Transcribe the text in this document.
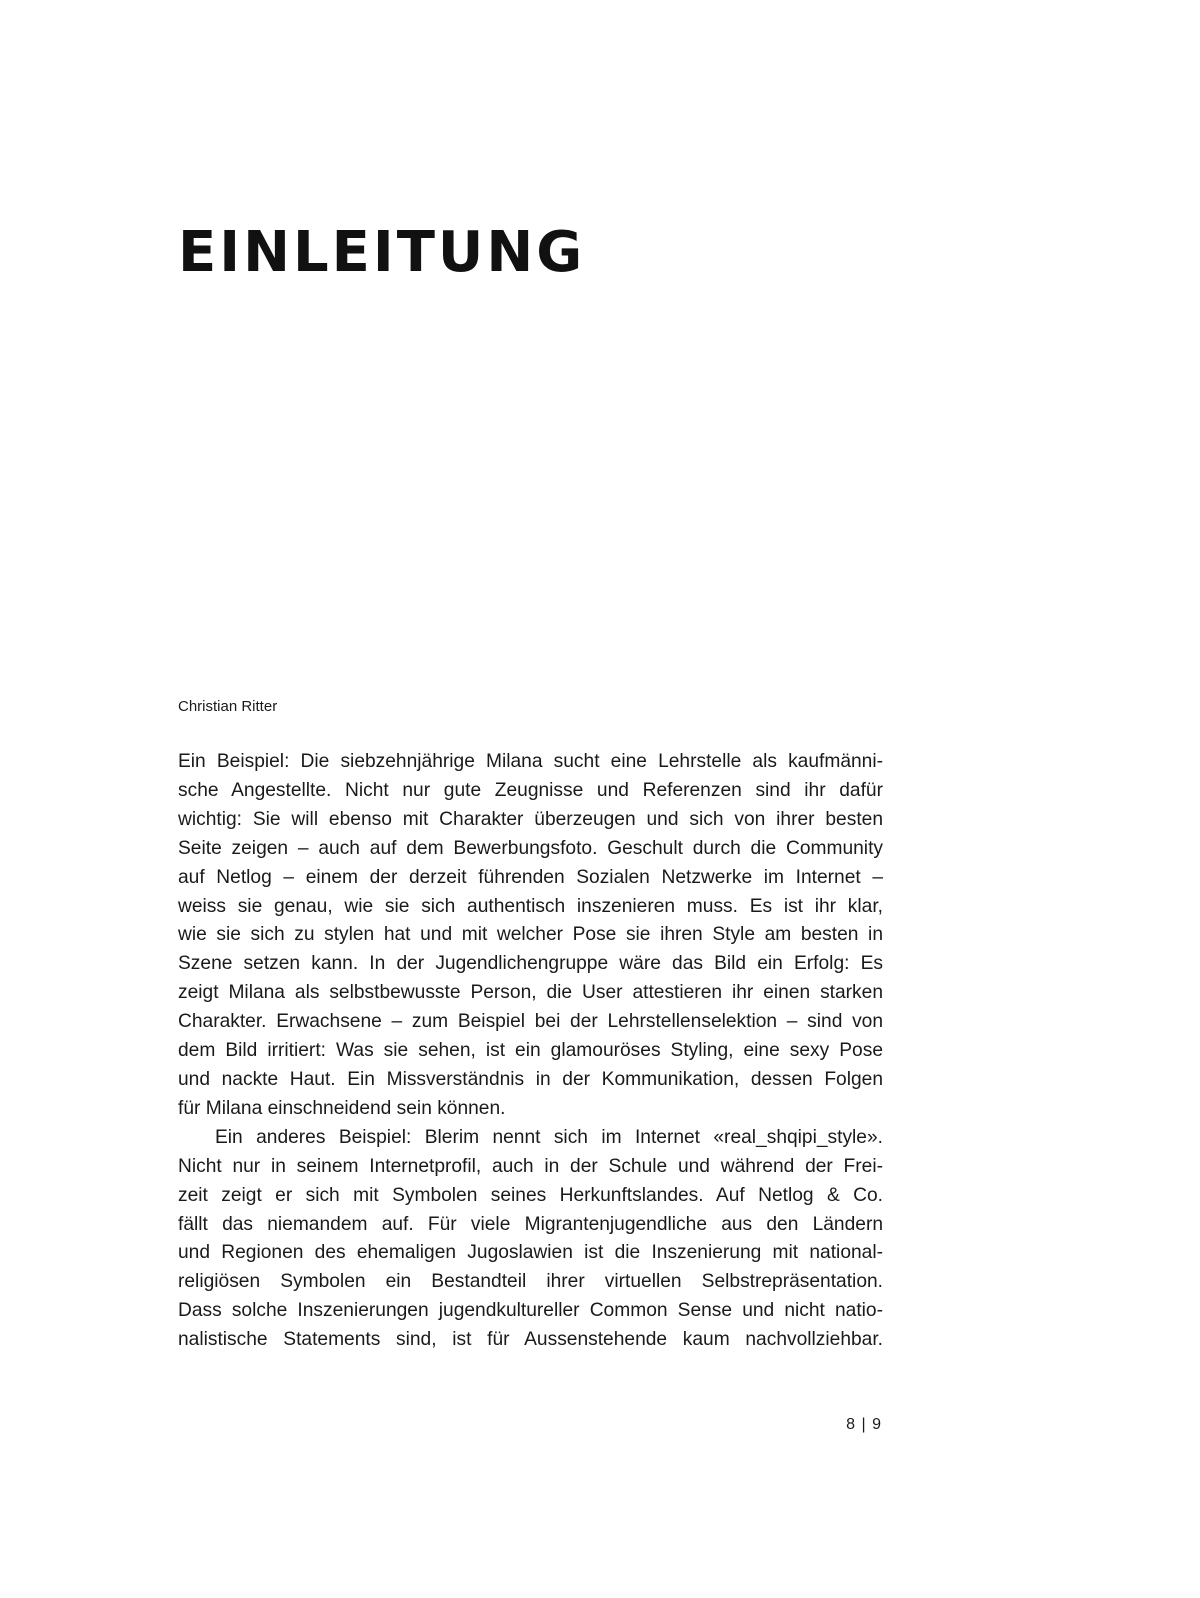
EINLEITUNG

Christian Ritter

Ein Beispiel: Die siebzehnjährige Milana sucht eine Lehrstelle als kaufmänni-
sche Angestellte. Nicht nur gute Zeugnisse und Referenzen sind ihr dafür
wichtig: Sie will ebenso mit Charakter überzeugen und sich von ihrer besten
Seite zeigen – auch auf dem Bewerbungsfoto. Geschult durch die Community
auf Netlog – einem der derzeit führenden Sozialen Netzwerke im Internet –
weiss sie genau, wie sie sich authentisch inszenieren muss. Es ist ihr klar,
wie sie sich zu stylen hat und mit welcher Pose sie ihren Style am besten in
Szene setzen kann. In der Jugendlichengruppe wäre das Bild ein Erfolg: Es
zeigt Milana als selbstbewusste Person, die User attestieren ihr einen starken
Charakter. Erwachsene – zum Beispiel bei der Lehrstellenselektion – sind von
dem Bild irritiert: Was sie sehen, ist ein glamouröses Styling, eine sexy Pose
und nackte Haut. Ein Missverständnis in der Kommunikation, dessen Folgen
für Milana einschneidend sein können.

Ein anderes Beispiel: Blerim nennt sich im Internet «real_shqipi_style».
Nicht nur in seinem Internetprofil, auch in der Schule und während der Frei-
zeit zeigt er sich mit Symbolen seines Herkunftslandes. Auf Netlog & Co.
fällt das niemandem auf. Für viele Migrantenjugendliche aus den Ländern
und Regionen des ehemaligen Jugoslawien ist die Inszenierung mit national-
religiösen Symbolen ein Bestandteil ihrer virtuellen Selbstrepräsentation.
Dass solche Inszenierungen jugendkultureller Common Sense und nicht natio-
nalistische Statements sind, ist für Aussenstehende kaum nachvollziehbar.

8 | 9
